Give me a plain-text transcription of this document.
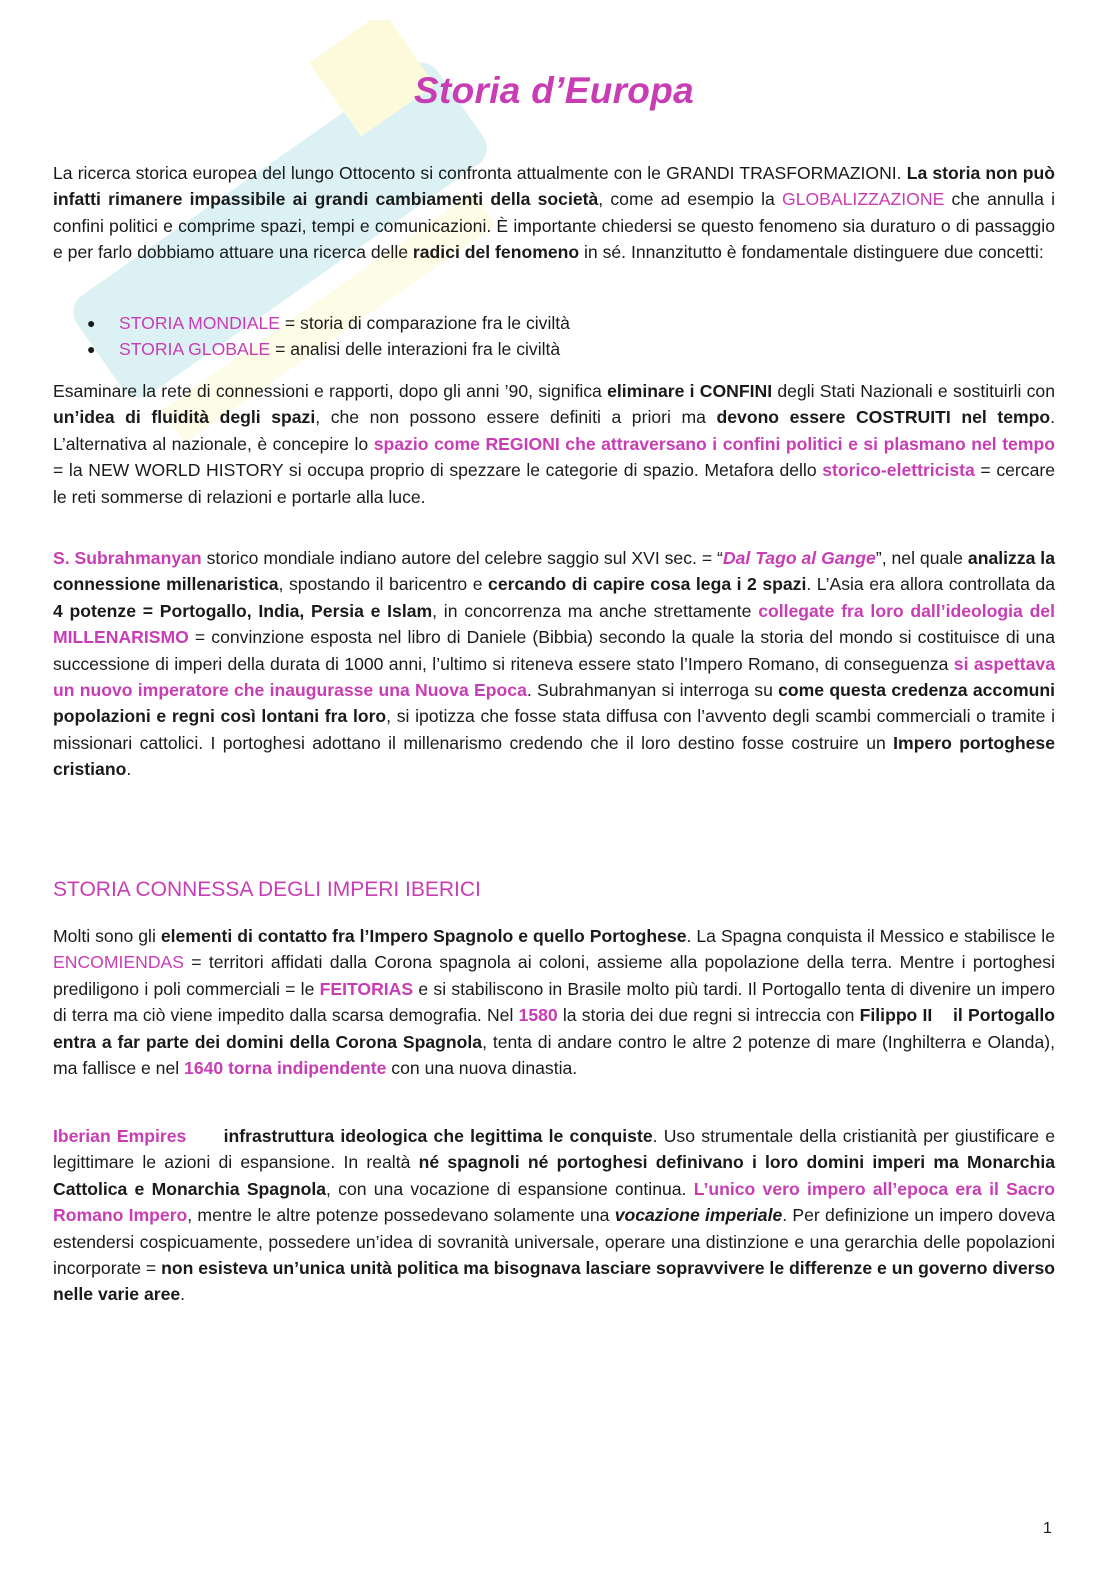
Storia d’Europa

La ricerca storica europea del lungo Ottocento si confronta attualmente con le GRANDI TRASFORMAZIONI. La storia non può infatti rimanere impassibile ai grandi cambiamenti della società, come ad esempio la GLOBALIZZAZIONE che annulla i confini politici e comprime spazi, tempi e comunicazioni. È importante chiedersi se questo fenomeno sia duraturo o di passaggio e per farlo dobbiamo attuare una ricerca delle radici del fenomeno in sé. Innanzitutto è fondamentale distinguere due concetti:

● STORIA MONDIALE = storia di comparazione fra le civiltà
● STORIA GLOBALE = analisi delle interazioni fra le civiltà

Esaminare la rete di connessioni e rapporti, dopo gli anni ’90, significa eliminare i CONFINI degli Stati Nazionali e sostituirli con un’idea di fluidità degli spazi, che non possono essere definiti a priori ma devono essere COSTRUITI nel tempo. L’alternativa al nazionale, è concepire lo spazio come REGIONI che attraversano i confini politici e si plasmano nel tempo = la NEW WORLD HISTORY si occupa proprio di spezzare le categorie di spazio. Metafora dello storico-elettricista = cercare le reti sommerse di relazioni e portarle alla luce.

S. Subrahmanyan storico mondiale indiano autore del celebre saggio sul XVI sec. = “Dal Tago al Gange”, nel quale analizza la connessione millenaristica, spostando il baricentro e cercando di capire cosa lega i 2 spazi. L’Asia era allora controllata da 4 potenze = Portogallo, India, Persia e Islam, in concorrenza ma anche strettamente collegate fra loro dall’ideologia del MILLENARISMO = convinzione esposta nel libro di Daniele (Bibbia) secondo la quale la storia del mondo si costituisce di una successione di imperi della durata di 1000 anni, l’ultimo si riteneva essere stato l’Impero Romano, di conseguenza si aspettava un nuovo imperatore che inaugurasse una Nuova Epoca. Subrahmanyan si interroga su come questa credenza accomuni popolazioni e regni così lontani fra loro, si ipotizza che fosse stata diffusa con l’avvento degli scambi commerciali o tramite i missionari cattolici. I portoghesi adottano il millenarismo credendo che il loro destino fosse costruire un Impero portoghese cristiano.

STORIA CONNESSA DEGLI IMPERI IBERICI

Molti sono gli elementi di contatto fra l’Impero Spagnolo e quello Portoghese. La Spagna conquista il Messico e stabilisce le ENCOMIENDAS = territori affidati dalla Corona spagnola ai coloni, assieme alla popolazione della terra. Mentre i portoghesi prediligono i poli commerciali = le FEITORIAS e si stabiliscono in Brasile molto più tardi. Il Portogallo tenta di divenire un impero di terra ma ciò viene impedito dalla scarsa demografia. Nel 1580 la storia dei due regni si intreccia con Filippo II il Portogallo entra a far parte dei domini della Corona Spagnola, tenta di andare contro le altre 2 potenze di mare (Inghilterra e Olanda), ma fallisce e nel 1640 torna indipendente con una nuova dinastia.

Iberian Empires infrastruttura ideologica che legittima le conquiste. Uso strumentale della cristianità per giustificare e legittimare le azioni di espansione. In realtà né spagnoli né portoghesi definivano i loro domini imperi ma Monarchia Cattolica e Monarchia Spagnola, con una vocazione di espansione continua. L’unico vero impero all’epoca era il Sacro Romano Impero, mentre le altre potenze possedevano solamente una vocazione imperiale. Per definizione un impero doveva estendersi cospicuamente, possedere un’idea di sovranità universale, operare una distinzione e una gerarchia delle popolazioni incorporate = non esisteva un’unica unità politica ma bisognava lasciare sopravvivere le differenze e un governo diverso nelle varie aree.

1
